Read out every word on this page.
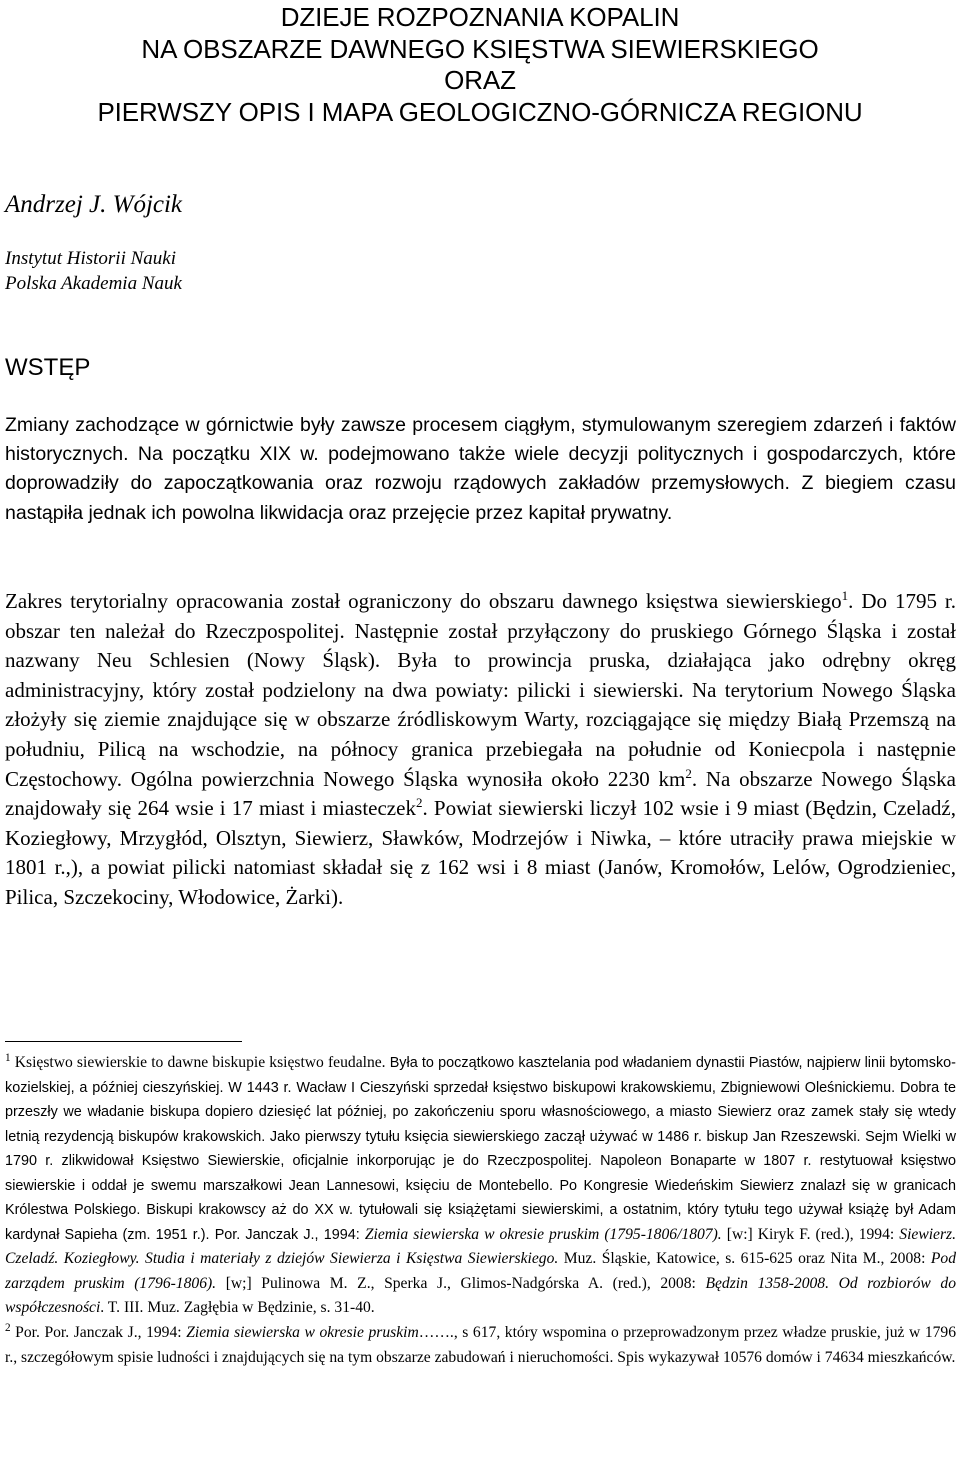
DZIEJE ROZPOZNANIA KOPALIN
NA OBSZARZE DAWNEGO KSIĘSTWA SIEWIERSKIEGO
ORAZ
PIERWSZY OPIS I MAPA GEOLOGICZNO-GÓRNICZA REGIONU
Andrzej J. Wójcik
Instytut Historii Nauki
Polska Akademia Nauk
WSTĘP
Zmiany zachodzące w górnictwie były zawsze procesem ciągłym, stymulowanym szeregiem zdarzeń i faktów historycznych. Na początku XIX w. podejmowano także wiele decyzji politycznych i gospodarczych, które doprowadziły do zapoczątkowania oraz rozwoju rządowych zakładów przemysłowych. Z biegiem czasu nastąpiła jednak ich powolna likwidacja oraz przejęcie przez kapitał prywatny.
Zakres terytorialny opracowania został ograniczony do obszaru dawnego księstwa siewierskiego$^1$. Do 1795 r. obszar ten należał do Rzeczpospolitej. Następnie został przyłączony do pruskiego Górnego Śląska i został nazwany Neu Schlesien (Nowy Śląsk). Była to prowincja pruska, działająca jako odrębny okręg administracyjny, który został podzielony na dwa powiaty: pilicki i siewierski. Na terytorium Nowego Śląska złożyły się ziemie znajdujące się w obszarze źródliskowym Warty, rozciągające się między Białą Przemszą na południu, Pilicą na wschodzie, na północy granica przebiegała na południe od Koniecpola i następnie Częstochowy. Ogólna powierzchnia Nowego Śląska wynosiła około 2230 $km^2$. Na obszarze Nowego Śląska znajdowały się 264 wsie i 17 miast i miasteczek$^2$. Powiat siewierski liczył 102 wsie i 9 miast (Będzin, Czeladź, Koziegłowy, Mrzygłód, Olsztyn, Siewierz, Sławków, Modrzejów i Niwka, – które utraciły prawa miejskie w 1801 r.,), a powiat pilicki natomiast składał się z 162 wsi i 8 miast (Janów, Kromołów, Lelów, Ogrodzieniec, Pilica, Szczekociny, Włodowice, Żarki).

$^1$ Księstwo siewierskie to dawne biskupie księstwo feudalne. Była to początkowo kasztelania pod władaniem dynastii Piastów, najpierw linii bytomsko-kozielskiej, a później cieszyńskiej. W 1443 r. Wacław I Cieszyński sprzedał księstwo biskupowi krakowskiemu, Zbigniewowi Oleśnickiemu. Dobra te przeszły we władanie biskupa dopiero dziesięć lat później, po zakończeniu sporu własnościowego, a miasto Siewierz oraz zamek stały się wtedy letnią rezydencją biskupów krakowskich. Jako pierwszy tytułu księcia siewierskiego zaczął używać w 1486 r. biskup Jan Rzeszewski. Sejm Wielki w 1790 r. zlikwidował Księstwo Siewierskie, oficjalnie inkorporując je do Rzeczpospolitej. Napoleon Bonaparte w 1807 r. restytuował księstwo siewierskie i oddał je swemu marszałkowi Jean Lannesowi, księciu de Montebello. Po Kongresie Wiedeńskim Siewierz znalazł się w granicach Królestwa Polskiego. Biskupi krakowscy aż do XX w. tytułowali się książętami siewierskimi, a ostatnim, który tytułu tego używał książę był Adam kardynał Sapieha (zm. 1951 r.). Por. Janczak J., 1994: Ziemia siewierska w okresie pruskim (1795-1806/1807). [w:] Kiryk F. (red.), 1994: Siewierz. Czeladź. Koziegłowy. Studia i materiały z dziejów Siewierza i Księstwa Siewierskiego. Muz. Śląskie, Katowice, s. 615-625 oraz Nita M., 2008: Pod zarządem pruskim (1796-1806). [w;] Pulinowa M. Z., Sperka J., Glimos-Nadgórska A. (red.), 2008: Będzin 1358-2008. Od rozbiorów do współczesności. T. III. Muz. Zagłębia w Będzinie, s. 31-40.

$^2$ Por. Por. Janczak J., 1994: Ziemia siewierska w okresie pruskim……., s 617, który wspomina o przeprowadzonym przez władze pruskie, już w 1796 r., szczegółowym spisie ludności i znajdujących się na tym obszarze zabudowań i nieruchomości. Spis wykazywał 10576 domów i 74634 mieszkańców.
